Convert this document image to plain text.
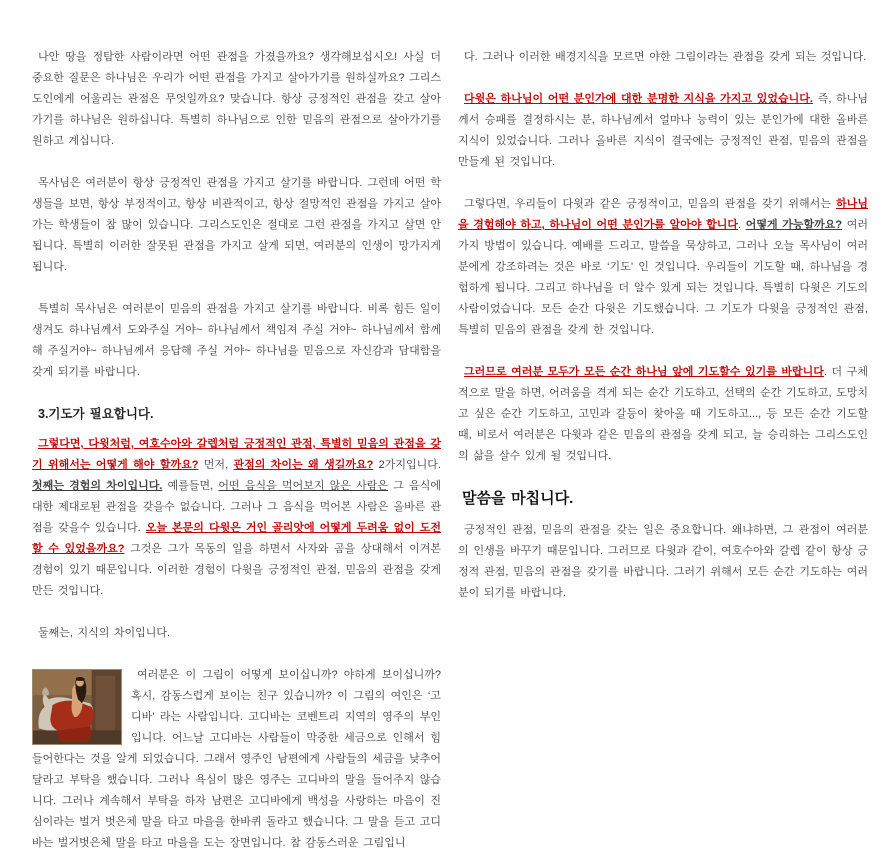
나안 땅을 정탐한 사람이라면 어떤 관점을 가졌을까요? 생각해보십시오! 사실 더 중요한 질문은 하나님은 우리가 어떤 관점을 가지고 살아가기를 원하실까요? 그리스도인에게 어울리는 관점은 무엇일까요? 맞습니다. 항상 긍정적인 관점을 갖고 살아가기를 하나님은 원하십니다. 특별히 하나님으로 인한 믿음의 관점으로 살아가기를 원하고 계십니다.

목사님은 여러분이 항상 긍정적인 관점을 가지고 살기를 바랍니다. 그런데 어떤 학생들을 보면, 항상 부정적이고, 항상 비관적이고, 항상 절망적인 관점을 가지고 살아가는 학생들이 참 많이 있습니다. 그리스도인은 절대로 그런 관점을 가지고 살면 안됩니다. 특별히 이러한 잘못된 관점을 가지고 살게 되면, 여러분의 인생이 망가지게 됩니다.

특별히 목사님은 여러분이 믿음의 관점을 가지고 살기를 바랍니다. 비록 힘든 일이 생겨도 하나님께서 도와주실 거야~ 하나님께서 책임져 주실 거야~ 하나님께서 함께해 주실거야~ 하나님께서 응답해 주실 거야~ 하나님을 믿음으로 자신감과 담대함을 갖게 되기를 바랍니다.

3.기도가 필요합니다.

그렇다면, 다윗처럼, 여호수아와 갈렙처럼 긍정적인 관점, 특별히 믿음의 관점을 갖기 위해서는 어떻게 해야 할까요? 먼저, 관점의 차이는 왜 생길까요? 2가지입니다. 첫째는 경험의 차이입니다. 예를들면, 어떤 음식을 먹어보지 않은 사람은 그 음식에 대한 제대로된 관점을 갖을수 없습니다. 그러나 그 음식을 먹어본 사람은 올바른 관점을 갖을수 있습니다. 오늘 본문의 다윗은 거인 골리앗에 어떻게 두려움 없이 도전할 수 있었을까요? 그것은 그가 목동의 일을 하면서 사자와 곰을 상대해서 이겨본 경험이 있기 때문입니다. 이러한 경험이 다윗을 긍정적인 관점, 믿음의 관점을 갖게 만든 것입니다.

둘째는, 지식의 차이입니다.

여러분은 이 그림이 어떻게 보이십니까? 야하게 보이십니까? 혹시, 감동스럽게 보이는 친구 있습니까? 이 그림의 여인은 ‘고디바’ 라는 사람입니다. 고디바는 코벤트리 지역의 영주의 부인입니다. 어느날 고디바는 사람들이 막중한 세금으로 인해서 힘들어한다는 것을 알게 되었습니다. 그래서 영주인 남편에게 사람들의 세금을 낮추어 달라고 부탁을 했습니다. 그러나 욕심이 많은 영주는 고디바의 말을 들어주지 않습니다. 그러나 계속해서 부탁을 하자 남편은 고디바에게 백성을 사랑하는 마음이 진심이라는 벌거 벗은체 말을 타고 마을을 한바퀴 돌라고 했습니다. 그 말을 듣고 고디바는 벌거벗은체 말을 타고 마을을 도는 장면입니다. 참 감동스러운 그림입니

다. 그러나 이러한 배경지식을 모르면 야한 그림이라는 관점을 갖게 되는 것입니다.

다윗은 하나님이 어떤 분인가에 대한 분명한 지식을 가지고 있었습니다. 즉, 하나님께서 승패를 결정하시는 분, 하나님께서 얼마나 능력이 있는 분인가에 대한 올바른 지식이 있었습니다. 그러나 올바른 지식이 결국에는 긍정적인 관점, 믿음의 관점을 만들게 된 것입니다.

그렇다면, 우리들이 다윗과 같은 긍정적이고, 믿음의 관점을 갖기 위해서는 하나님을 경험해야 하고, 하나님이 어떤 분인가를 알아야 합니다. 어떻게 가능할까요? 여러 가지 방법이 있습니다. 예배를 드리고, 말씀을 묵상하고, 그러나 오늘 목사님이 여러분에게 강조하려는 것은 바로 ‘기도’ 인 것입니다. 우리들이 기도할 때, 하나님을 경험하게 됩니다. 그리고 하나님을 더 알수 있게 되는 것입니다. 특별히 다윗은 기도의 사람이었습니다. 모든 순간 다윗은 기도했습니다. 그 기도가 다윗을 긍정적인 관점, 특별히 믿음의 관점을 갖게 한 것입니다.

그러므로 여러분 모두가 모든 순간 하나님 앞에 기도할수 있기를 바랍니다. 더 구체적으로 말을 하면, 어려움을 격게 되는 순간 기도하고, 선택의 순간 기도하고, 도망치고 싶은 순간 기도하고, 고민과 갈등이 찾아올 때 기도하고..., 등 모든 순간 기도할 때, 비로서 여러분은 다윗과 같은 믿음의 관점을 갖게 되고, 늘 승리하는 그리스도인의 삶을 살수 있게 될 것입니다.

말씀을 마칩니다.

긍정적인 관점, 믿음의 관점을 갖는 일은 중요합니다. 왜냐하면, 그 관점이 여러분의 인생을 바꾸기 때문입니다. 그러므로 다윗과 같이, 여호수아와 갈렙 같이 항상 긍정적 관점, 믿음의 관점을 갖기를 바랍니다. 그러기 위해서 모든 순간 기도하는 여러분이 되기를 바랍니다.
